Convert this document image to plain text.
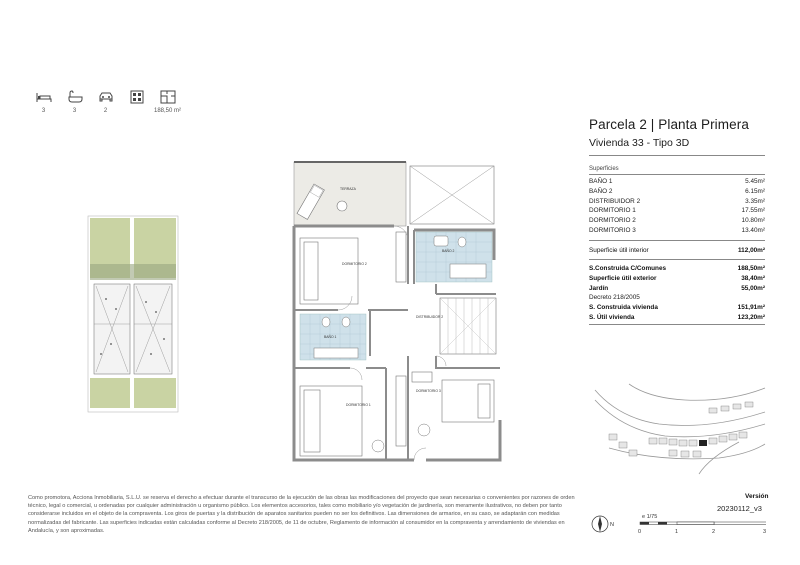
3	3	2	188,50 m²
Parcela 2 | Planta Primera
Vivienda 33 - Tipo 3D
Superficies
BAÑO 1	5.45m²
BAÑO 2	6.15m²
DISTRIBUIDOR 2	3.35m²
DORMITORIO 1	17.55m²
DORMITORIO 2	10.80m²
DORMITORIO 3	13.40m²
Superficie útil interior	112,00m²
S.Construida C/Comunes	188,50m²
Superficie útil exterior	38,40m²
Jardín	55,00m²
Decreto 218/2005
S. Construida vivienda	151,91m²
S. Útil vivienda	123,20m²
TERRAZA
DORMITORIO 2
BAÑO 2
DISTRIBUIDOR 2
BAÑO 1
DORMITORIO 1
DORMITORIO 3
Versión
20230112_v3
N
e 1/75
0	1	2	3
Como promotora, Acciona Inmobiliaria, S.L.U. se reserva el derecho a efectuar durante el transcurso de la ejecución de las obras las modificaciones del proyecto que sean necesarias o convenientes por razones de orden técnico, legal o comercial, u ordenadas por cualquier administración u organismo público. Los elementos accesorios, tales como mobiliario y/o vegetación de jardinería, son meramente ilustrativos, no deben por tanto considerarse incluidos en el objeto de la compraventa. Los giros de puertas y la distribución de aparatos sanitarios pueden no ser los definitivos. Las dimensiones de armarios, en su caso, se adaptarán con medidas normalizadas del fabricante. Las superficies indicadas están calculadas conforme al Decreto 218/2005, de 11 de octubre, Reglamento de información al consumidor en la compraventa y arrendamiento de viviendas en Andalucía, y son aproximadas.
